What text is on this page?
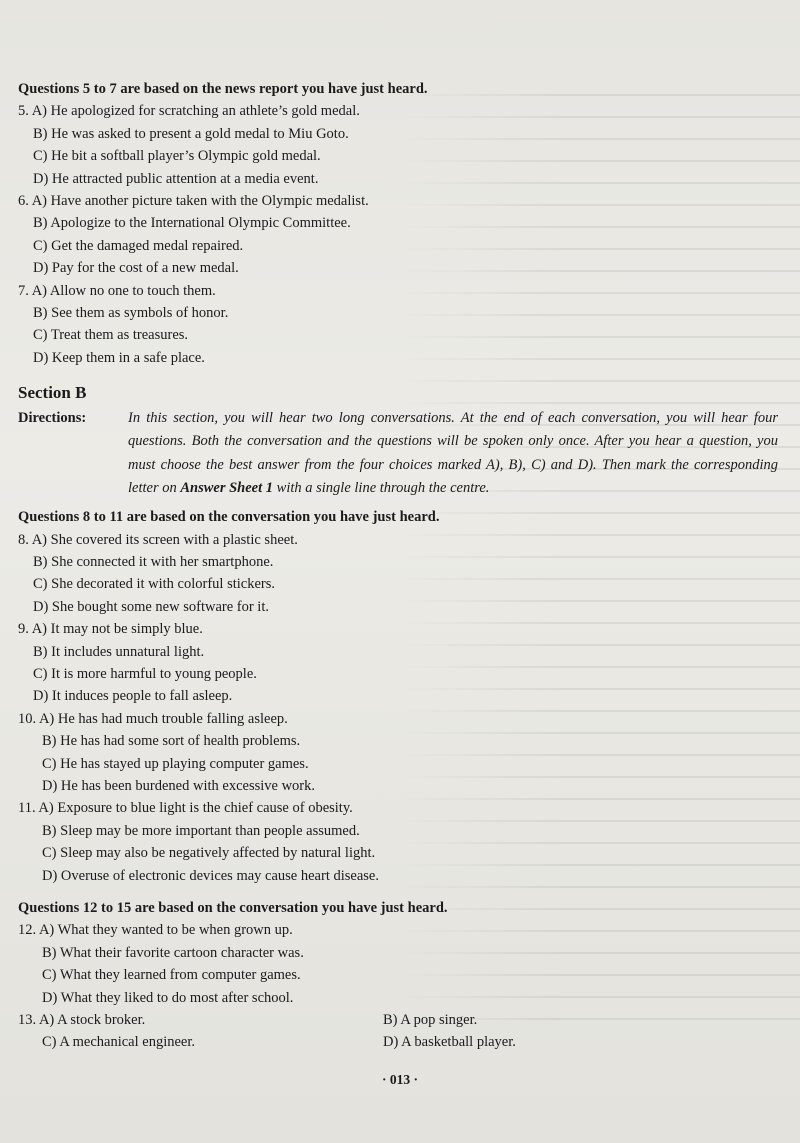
Questions 5 to 7 are based on the news report you have just heard.

5. A) He apologized for scratching an athlete’s gold medal.

B) He was asked to present a gold medal to Miu Goto.

C) He bit a softball player’s Olympic gold medal.

D) He attracted public attention at a media event.

6. A) Have another picture taken with the Olympic medalist.

B) Apologize to the International Olympic Committee.

C) Get the damaged medal repaired.

D) Pay for the cost of a new medal.

7. A) Allow no one to touch them.

B) See them as symbols of honor.

C) Treat them as treasures.

D) Keep them in a safe place.

Section B

Directions:	In this section, you will hear two long conversations. At the end of each conversation, you will hear four questions. Both the conversation and the questions will be spoken only once. After you hear a question, you must choose the best answer from the four choices marked A), B), C) and D). Then mark the corresponding letter on Answer Sheet 1 with a single line through the centre.

Questions 8 to 11 are based on the conversation you have just heard.

8. A) She covered its screen with a plastic sheet.

B) She connected it with her smartphone.

C) She decorated it with colorful stickers.

D) She bought some new software for it.

9. A) It may not be simply blue.

B) It includes unnatural light.

C) It is more harmful to young people.

D) It induces people to fall asleep.

10. A) He has had much trouble falling asleep.

B) He has had some sort of health problems.

C) He has stayed up playing computer games.

D) He has been burdened with excessive work.

11. A) Exposure to blue light is the chief cause of obesity.

B) Sleep may be more important than people assumed.

C) Sleep may also be negatively affected by natural light.

D) Overuse of electronic devices may cause heart disease.

Questions 12 to 15 are based on the conversation you have just heard.

12. A) What they wanted to be when grown up.

B) What their favorite cartoon character was.

C) What they learned from computer games.

D) What they liked to do most after school.

13. A) A stock broker.	B) A pop singer.
C) A mechanical engineer.	D) A basketball player.
· 013 ·
